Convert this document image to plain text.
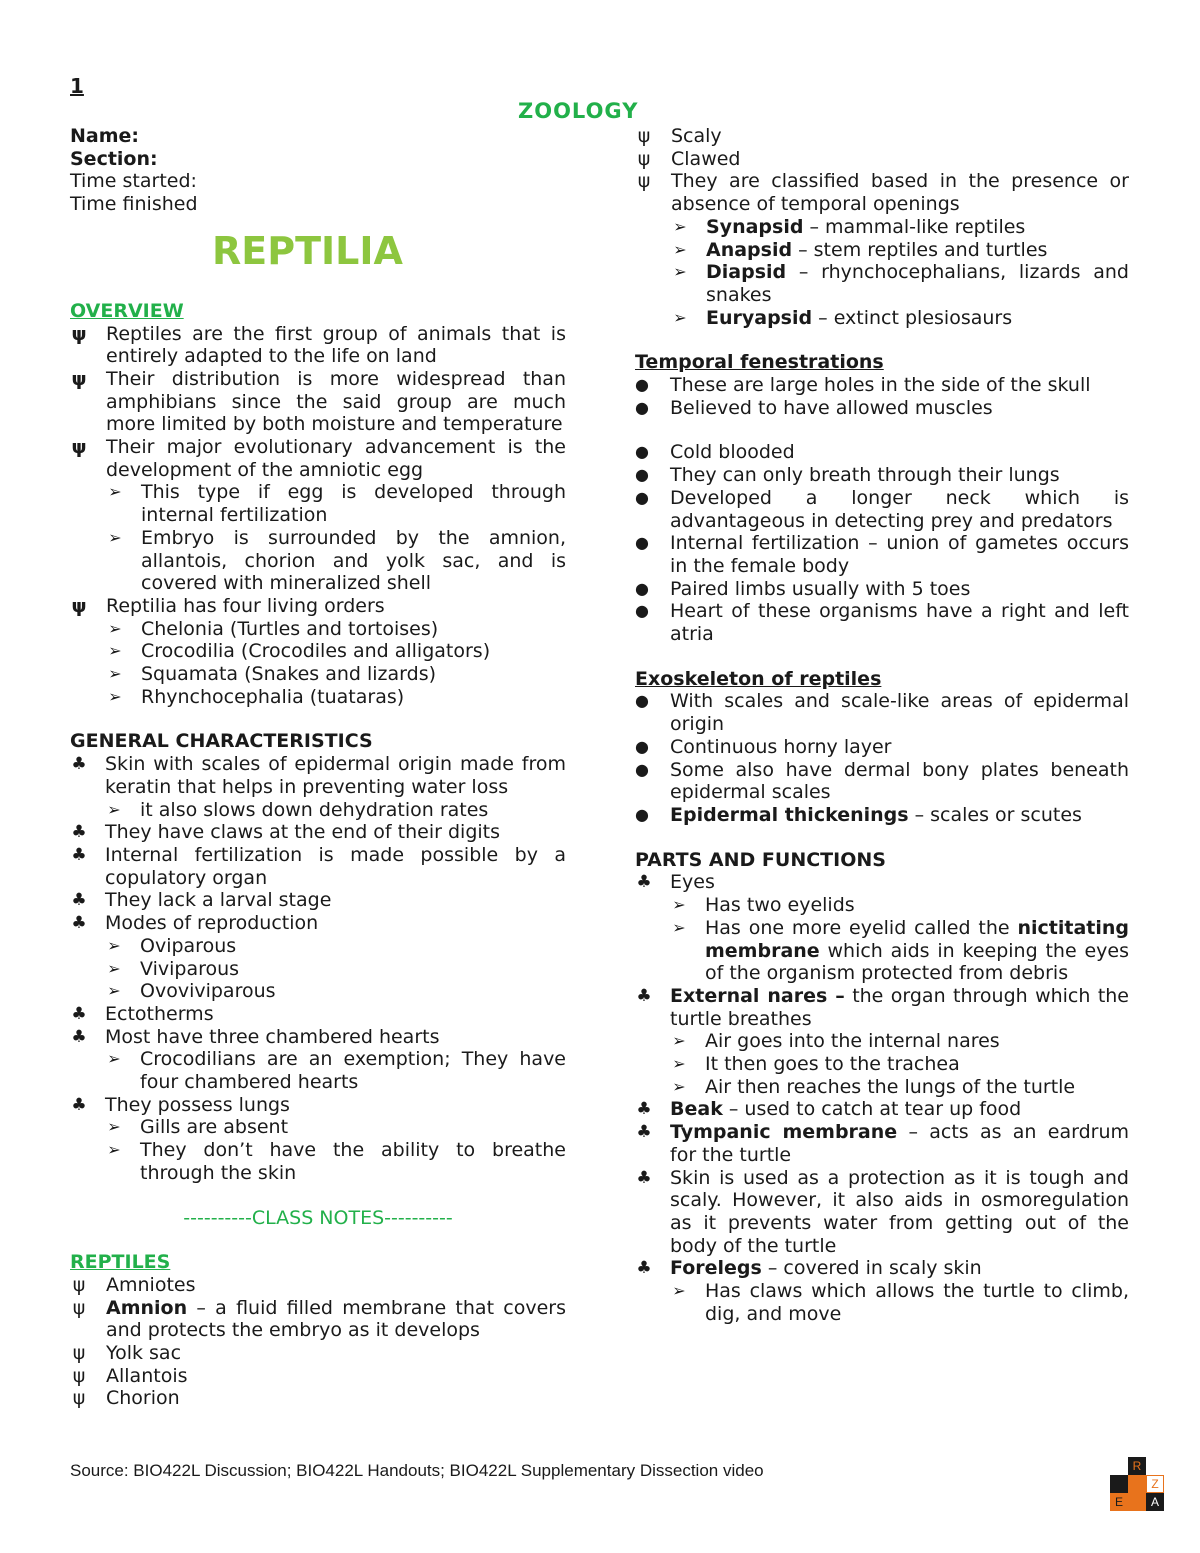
1
ZOOLOGY
Name:
Section:
Time started:
Time finished
REPTILIA
OVERVIEW
ψ Reptiles are the first group of animals that is entirely adapted to the life on land
ψ Their distribution is more widespread than amphibians since the said group are much more limited by both moisture and temperature
ψ Their major evolutionary advancement is the development of the amniotic egg
➢ This type if egg is developed through internal fertilization
➢ Embryo is surrounded by the amnion, allantois, chorion and yolk sac, and is covered with mineralized shell
ψ Reptilia has four living orders
➢ Chelonia (Turtles and tortoises)
➢ Crocodilia (Crocodiles and alligators)
➢ Squamata (Snakes and lizards)
➢ Rhynchocephalia (tuataras)
GENERAL CHARACTERISTICS
♣ Skin with scales of epidermal origin made from keratin that helps in preventing water loss
➢ it also slows down dehydration rates
♣ They have claws at the end of their digits
♣ Internal fertilization is made possible by a copulatory organ
♣ They lack a larval stage
♣ Modes of reproduction
➢ Oviparous
➢ Viviparous
➢ Ovoviviparous
♣ Ectotherms
♣ Most have three chambered hearts
➢ Crocodilians are an exemption; They have four chambered hearts
♣ They possess lungs
➢ Gills are absent
➢ They don’t have the ability to breathe through the skin
----------CLASS NOTES----------
REPTILES
ψ Amniotes
ψ Amnion – a fluid filled membrane that covers and protects the embryo as it develops
ψ Yolk sac
ψ Allantois
ψ Chorion
ψ Scaly
ψ Clawed
ψ They are classified based in the presence or absence of temporal openings
➢ Synapsid – mammal-like reptiles
➢ Anapsid – stem reptiles and turtles
➢ Diapsid – rhynchocephalians, lizards and snakes
➢ Euryapsid – extinct plesiosaurs
Temporal fenestrations
● These are large holes in the side of the skull
● Believed to have allowed muscles
● Cold blooded
● They can only breath through their lungs
● Developed a longer neck which is advantageous in detecting prey and predators
● Internal fertilization – union of gametes occurs in the female body
● Paired limbs usually with 5 toes
● Heart of these organisms have a right and left atria
Exoskeleton of reptiles
● With scales and scale-like areas of epidermal origin
● Continuous horny layer
● Some also have dermal bony plates beneath epidermal scales
● Epidermal thickenings – scales or scutes
PARTS AND FUNCTIONS
♣ Eyes
➢ Has two eyelids
➢ Has one more eyelid called the nictitating membrane which aids in keeping the eyes of the organism protected from debris
♣ External nares – the organ through which the turtle breathes
➢ Air goes into the internal nares
➢ It then goes to the trachea
➢ Air then reaches the lungs of the turtle
♣ Beak – used to catch at tear up food
♣ Tympanic membrane – acts as an eardrum for the turtle
♣ Skin is used as a protection as it is tough and scaly. However, it also aids in osmoregulation as it prevents water from getting out of the body of the turtle
♣ Forelegs – covered in scaly skin
➢ Has claws which allows the turtle to climb, dig, and move
Source: BIO422L Discussion; BIO422L Handouts; BIO422L Supplementary Dissection video	R
Z
E	A
